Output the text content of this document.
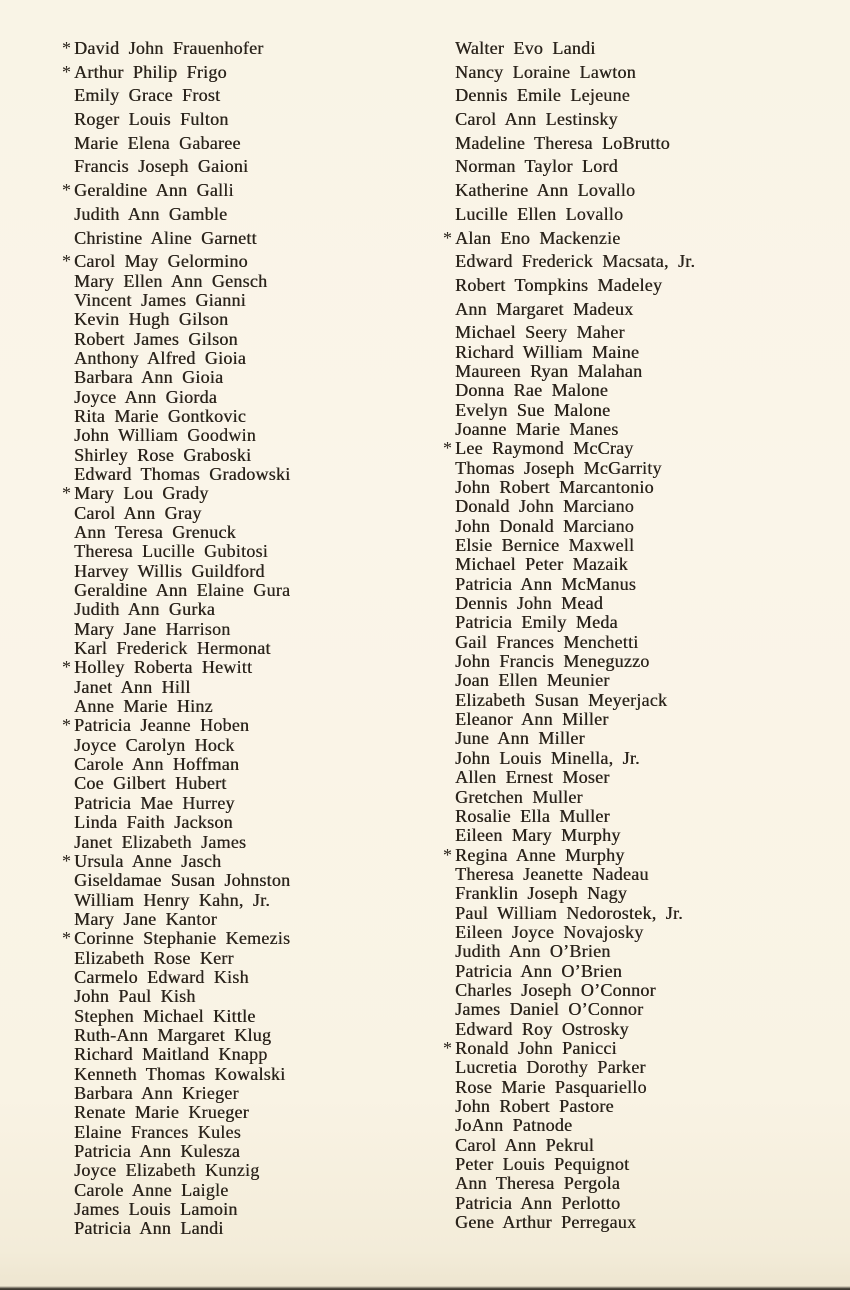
* David John Frauenhofer
* Arthur Philip Frigo
Emily Grace Frost
Roger Louis Fulton
Marie Elena Gabaree
Francis Joseph Gaioni
* Geraldine Ann Galli
Judith Ann Gamble
Christine Aline Garnett
* Carol May Gelormino
Mary Ellen Ann Gensch
Vincent James Gianni
Kevin Hugh Gilson
Robert James Gilson
Anthony Alfred Gioia
Barbara Ann Gioia
Joyce Ann Giorda
Rita Marie Gontkovic
John William Goodwin
Shirley Rose Graboski
Edward Thomas Gradowski
* Mary Lou Grady
Carol Ann Gray
Ann Teresa Grenuck
Theresa Lucille Gubitosi
Harvey Willis Guildford
Geraldine Ann Elaine Gura
Judith Ann Gurka
Mary Jane Harrison
Karl Frederick Hermonat
* Holley Roberta Hewitt
Janet Ann Hill
Anne Marie Hinz
* Patricia Jeanne Hoben
Joyce Carolyn Hock
Carole Ann Hoffman
Coe Gilbert Hubert
Patricia Mae Hurrey
Linda Faith Jackson
Janet Elizabeth James
* Ursula Anne Jasch
Giseldamae Susan Johnston
William Henry Kahn, Jr.
Mary Jane Kantor
* Corinne Stephanie Kemezis
Elizabeth Rose Kerr
Carmelo Edward Kish
John Paul Kish
Stephen Michael Kittle
Ruth-Ann Margaret Klug
Richard Maitland Knapp
Kenneth Thomas Kowalski
Barbara Ann Krieger
Renate Marie Krueger
Elaine Frances Kules
Patricia Ann Kulesza
Joyce Elizabeth Kunzig
Carole Anne Laigle
James Louis Lamoin
Patricia Ann Landi
Walter Evo Landi
Nancy Loraine Lawton
Dennis Emile Lejeune
Carol Ann Lestinsky
Madeline Theresa LoBrutto
Norman Taylor Lord
Katherine Ann Lovallo
Lucille Ellen Lovallo
* Alan Eno Mackenzie
Edward Frederick Macsata, Jr.
Robert Tompkins Madeley
Ann Margaret Madeux
Michael Seery Maher
Richard William Maine
Maureen Ryan Malahan
Donna Rae Malone
Evelyn Sue Malone
Joanne Marie Manes
* Lee Raymond McCray
Thomas Joseph McGarrity
John Robert Marcantonio
Donald John Marciano
John Donald Marciano
Elsie Bernice Maxwell
Michael Peter Mazaik
Patricia Ann McManus
Dennis John Mead
Patricia Emily Meda
Gail Frances Menchetti
John Francis Meneguzzo
Joan Ellen Meunier
Elizabeth Susan Meyerjack
Eleanor Ann Miller
June Ann Miller
John Louis Minella, Jr.
Allen Ernest Moser
Gretchen Muller
Rosalie Ella Muller
Eileen Mary Murphy
* Regina Anne Murphy
Theresa Jeanette Nadeau
Franklin Joseph Nagy
Paul William Nedorostek, Jr.
Eileen Joyce Novajosky
Judith Ann O’Brien
Patricia Ann O’Brien
Charles Joseph O’Connor
James Daniel O’Connor
Edward Roy Ostrosky
* Ronald John Panicci
Lucretia Dorothy Parker
Rose Marie Pasquariello
John Robert Pastore
JoAnn Patnode
Carol Ann Pekrul
Peter Louis Pequignot
Ann Theresa Pergola
Patricia Ann Perlotto
Gene Arthur Perregaux
